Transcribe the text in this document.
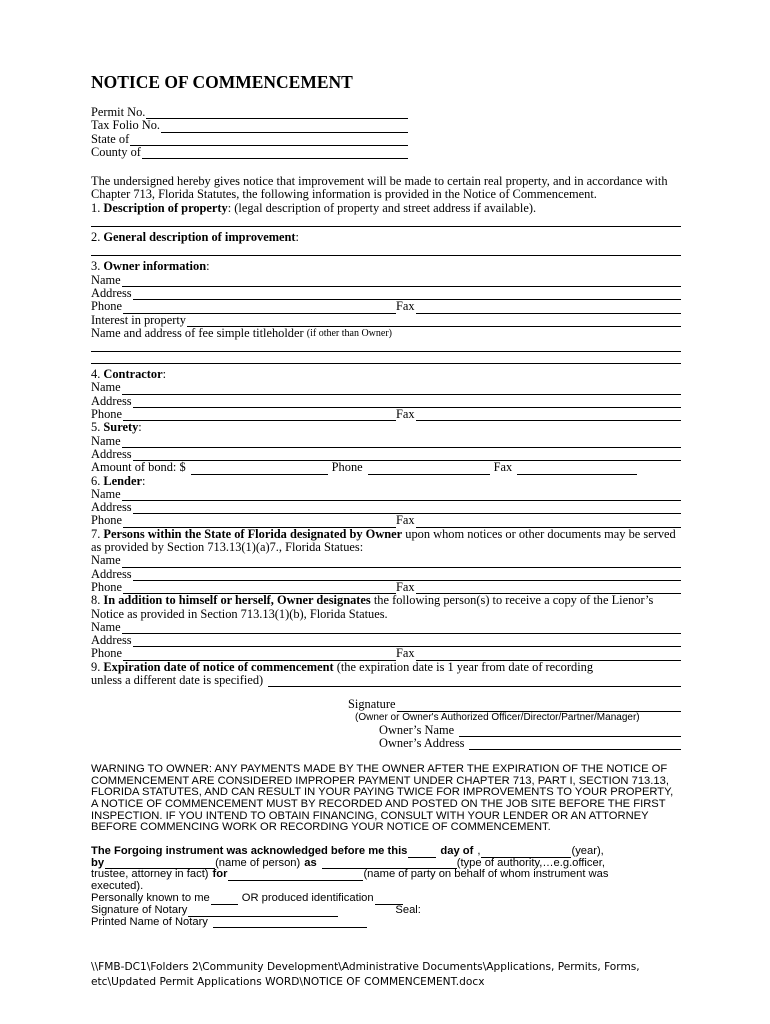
NOTICE OF COMMENCEMENT
Permit No.
Tax Folio No.
State of
County of
The undersigned hereby gives notice that improvement will be made to certain real property, and in accordance with Chapter 713, Florida Statutes, the following information is provided in the Notice of Commencement.
1. Description of property: (legal description of property and street address if available).
2. General description of improvement:
3. Owner information:
Name
Address
Phone	Fax
Interest in property
Name and address of fee simple titleholder
(if other than Owner)
4. Contractor:
Name
Address
Phone	Fax
5. Surety:
Name
Address
Amount of bond: $	Phone	Fax
6. Lender:
Name
Address
Phone	Fax
7. Persons within the State of Florida designated by Owner upon whom notices or other documents may be served as provided by Section 713.13(1)(a)7., Florida Statues:
Name
Address
Phone	Fax
8. In addition to himself or herself, Owner designates the following person(s) to receive a copy of the Lienor’s Notice as provided in Section 713.13(1)(b), Florida Statues.
Name
Address
Phone	Fax
9. Expiration date of notice of commencement (the expiration date is 1 year from date of recording
unless a different date is specified)
Signature
(Owner or Owner's Authorized Officer/Director/Partner/Manager)
Owner’s Name
Owner’s Address
WARNING TO OWNER: ANY PAYMENTS MADE BY THE OWNER AFTER THE EXPIRATION OF THE NOTICE OF COMMENCEMENT ARE CONSIDERED IMPROPER PAYMENT UNDER CHAPTER 713, PART I, SECTION 713.13, FLORIDA STATUTES, AND CAN RESULT IN YOUR PAYING TWICE FOR IMPROVEMENTS TO YOUR PROPERTY, A NOTICE OF COMMENCEMENT MUST BY RECORDED AND POSTED ON THE JOB SITE BEFORE THE FIRST INSPECTION. IF YOU INTEND TO OBTAIN FINANCING, CONSULT WITH YOUR LENDER OR AN ATTORNEY BEFORE COMMENCING WORK OR RECORDING YOUR NOTICE OF COMMENCEMENT.
The Forgoing instrument was acknowledged before me this	day of ,	(year),
by	(name of person) as	(type of authority,…e.g.officer,
trustee, attorney in fact) for	(name of party on behalf of whom instrument was
executed).
Personally known to me	OR produced identification
Signature of Notary	Seal:
Printed Name of Notary
\\FMB-DC1\Folders 2\Community Development\Administrative Documents\Applications, Permits, Forms, etc\Updated Permit Applications WORD\NOTICE OF COMMENCEMENT.docx
